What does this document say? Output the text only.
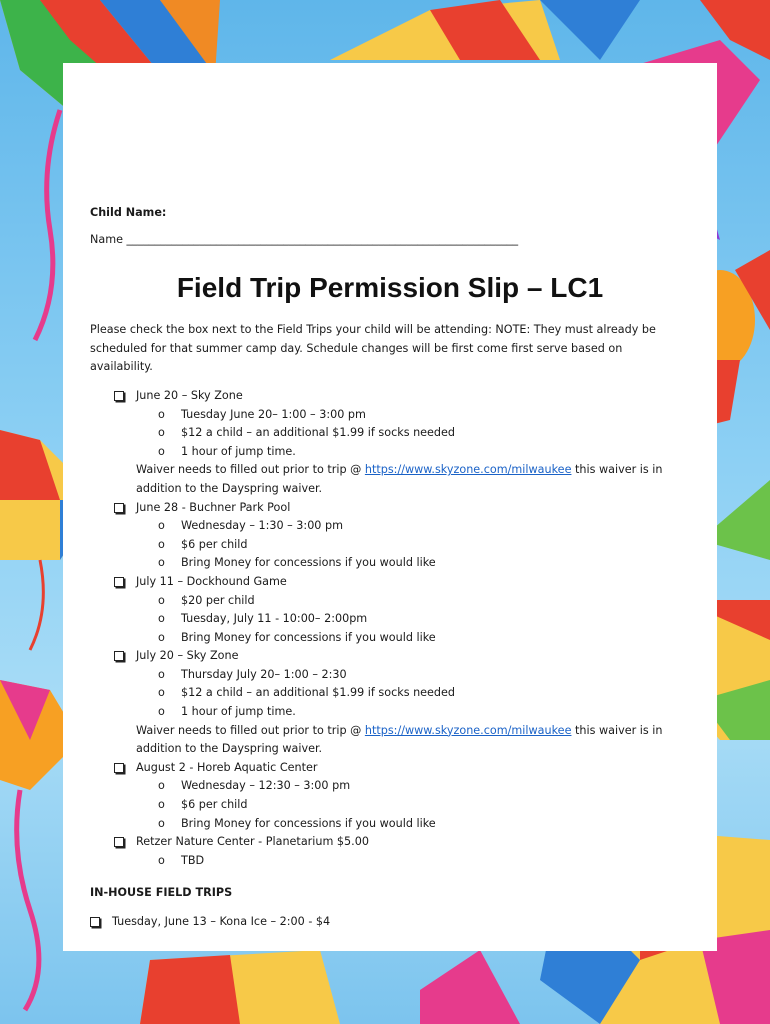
Child Name:
Name ______________________________________________________________________
Field Trip Permission Slip – LC1
Please check the box next to the Field Trips your child will be attending: NOTE: They must already be scheduled for that summer camp day. Schedule changes will be first come first serve based on availability.
June 20 – Sky Zone
o Tuesday June 20– 1:00 – 3:00 pm
o $12 a child – an additional $1.99 if socks needed
o 1 hour of jump time.
Waiver needs to filled out prior to trip @ https://www.skyzone.com/milwaukee this waiver is in addition to the Dayspring waiver.
June 28 - Buchner Park Pool
o Wednesday – 1:30 – 3:00 pm
o $6 per child
o Bring Money for concessions if you would like
July 11 – Dockhound Game
o $20 per child
o Tuesday, July 11 - 10:00– 2:00pm
o Bring Money for concessions if you would like
July 20 – Sky Zone
o Thursday July 20– 1:00 – 2:30
o $12 a child – an additional $1.99 if socks needed
o 1 hour of jump time.
Waiver needs to filled out prior to trip @ https://www.skyzone.com/milwaukee this waiver is in addition to the Dayspring waiver.
August 2 - Horeb Aquatic Center
o Wednesday – 12:30 – 3:00 pm
o $6 per child
o Bring Money for concessions if you would like
Retzer Nature Center - Planetarium $5.00
o TBD
IN-HOUSE FIELD TRIPS
Tuesday, June 13 – Kona Ice – 2:00 - $4
